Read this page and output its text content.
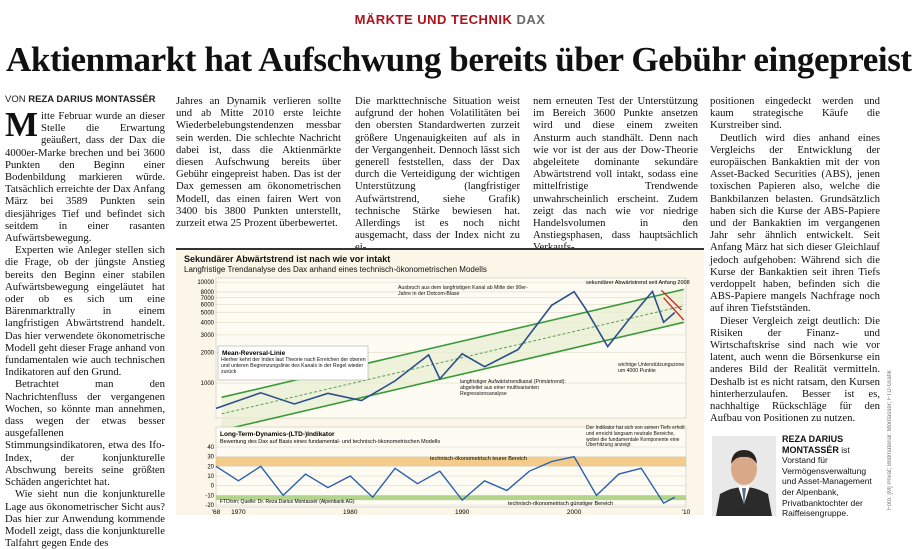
MÄRKTE UND TECHNIK DAX
Aktienmarkt hat Aufschwung bereits über Gebühr eingepreist
VON REZA DARIUS MONTASSÉR

Mitte Februar wurde an dieser Stelle die Erwartung geäußert, dass der Dax die 4000er-Marke brechen und bei 3600 Punkten den Beginn einer Bodenbildung markieren würde. Tatsächlich erreichte der Dax Anfang März bei 3589 Punkten sein diesjähriges Tief und befindet sich seitdem in einer rasanten Aufwärtsbewegung.

Experten wie Anleger stellen sich die Frage, ob der jüngste Anstieg bereits den Beginn einer stabilen Aufwärtsbewegung eingeläutet hat oder ob es sich um eine Bärenmarktrally in einem langfristigen Abwärtstrend handelt. Das hier verwendete ökonometrische Modell geht dieser Frage anhand von fundamentalen wie auch technischen Indikatoren auf den Grund.

Betrachtet man den Nachrichtenfluss der vergangenen Wochen, so könnte man annehmen, dass wegen der etwas besser ausgefallenen Stimmungsindikatoren, etwa des Ifo-Index, der konjunkturelle Abschwung bereits seine größten Schäden angerichtet hat.

Wie sieht nun die konjunkturelle Lage aus ökonometrischer Sicht aus? Das hier zur Anwendung kommende Modell zeigt, dass die konjunkturelle Talfahrt gegen Ende des

Jahres an Dynamik verlieren sollte und ab Mitte 2010 erste leichte Wiederbelebungstendenzen messbar sein werden. Die schlechte Nachricht dabei ist, dass die Aktienmärkte diesen Aufschwung bereits über Gebühr eingepreist haben. Das ist der Dax gemessen am ökonometrischen Modell, das einen fairen Wert von 3400 bis 3800 Punkten unterstellt, zurzeit etwa 25 Prozent überbewertet.

Die markttechnische Situation weist aufgrund der hohen Volatilitäten bei den obersten Standardwerten zurzeit größere Ungenauigkeiten auf als in der Vergangenheit. Dennoch lässt sich generell feststellen, dass der Dax durch die Verteidigung der wichtigen Unterstützung (langfristiger Aufwärtstrend, siehe Grafik) technische Stärke bewiesen hat. Allerdings ist es noch nicht ausgemacht, dass der Index nicht zu

nem erneuten Test der Unterstützung im Bereich 3600 Punkte ansetzen wird und diese einem zweiten Ansturm auch standhält. Denn nach wie vor ist der aus der Dow-Theorie abgeleitete dominante sekundäre Abwärtstrend voll intakt, sodass eine mittelfristige Trendwende unwahrscheinlich erscheint. Zudem zeigt das nach wie vor niedrige Handelsvolumen in den Anstiegsphasen, dass hauptsächlich

positionen eingedeckt werden und kaum strategische Käufe die Kurstreiber sind.

Deutlich wird dies anhand eines Vergleichs der Entwicklung der europäischen Bankaktien mit der von Asset-Backed Securities (ABS), jenen toxischen Papieren also, welche die Bankbilanzen belasten. Grundsätzlich haben sich die Kurse der ABS-Papiere und der Bankaktien im vergangenen Jahr sehr ähnlich entwickelt. Seit Anfang März hat sich dieser Gleichlauf jedoch aufgehoben: Während sich die Kurse der Bankaktien seit ihren Tiefs verdoppelt haben, befinden sich die ABS-Papiere mangels Nachfrage noch auf ihren Tiefstständen.

Dieser Vergleich zeigt deutlich: Die Risiken der Finanz- und Wirtschaftskrise sind nach wie vor latent, auch wenn die Börsenkurse ein anderes Bild der Realität vermitteln. Deshalb ist es nicht ratsam, den Kursen hinterherzulaufen. Besser ist es, nachhaltige Rückschläge für den Aufbau von Positionen zu nutzen.	Foto: [M] Privat; Bildmaterial: Montassér; FTD-Grafik
Sekundärer Abwärtstrend ist nach wie vor intakt
Langfristige Trendanalyse des Dax anhand eines technisch-ökonometrischen Modells
10000
8000
7000
6000
5000
4000
3000
2000
1000
Mean-Reversal-Linie
Hierher kehrt der Index laut Theorie nach Erreichen der oberen und unteren Begrenzungslinie des Kanals in der Regel wieder zurück
Ausbruch aus dem langfristigen Kanal ab Mitte der 90er-Jahre in der Dotcom-Blase
sekundärer Abwärtstrend seit Anfang 2008
wichtige Unterstützungszone um 4000 Punkte
langfristiger Aufwärtstrendkanal (Primärtrend): abgeleitet aus einer multivarianten Regressionsanalyse
40
30
20
10
0
-10
-20
Long-Term-Dynamics-(LTD-)Indikator
Bewertung des Dax auf Basis eines fundamental- und technisch-ökonometrischen Modells
technisch-ökonometrisch teurer Bereich
technisch-ökonometrisch günstiger Bereich
Der Indikator hat sich von seinen Tiefs erholt und erreicht langsam neutrale Bereiche, wobei die fundamentale Komponente eine Überhitzung anzeigt
FTD/sm; Quelle: Dr. Reza Darius Montassér (Alpenbank AG)
'68 1970	1980	1990	2000	'10
REZA DARIUS MONTASSÉR ist Vorstand für Vermögensverwaltung und Asset-Management der Alpenbank, Privatbanktochter der Raiffeisengruppe.
